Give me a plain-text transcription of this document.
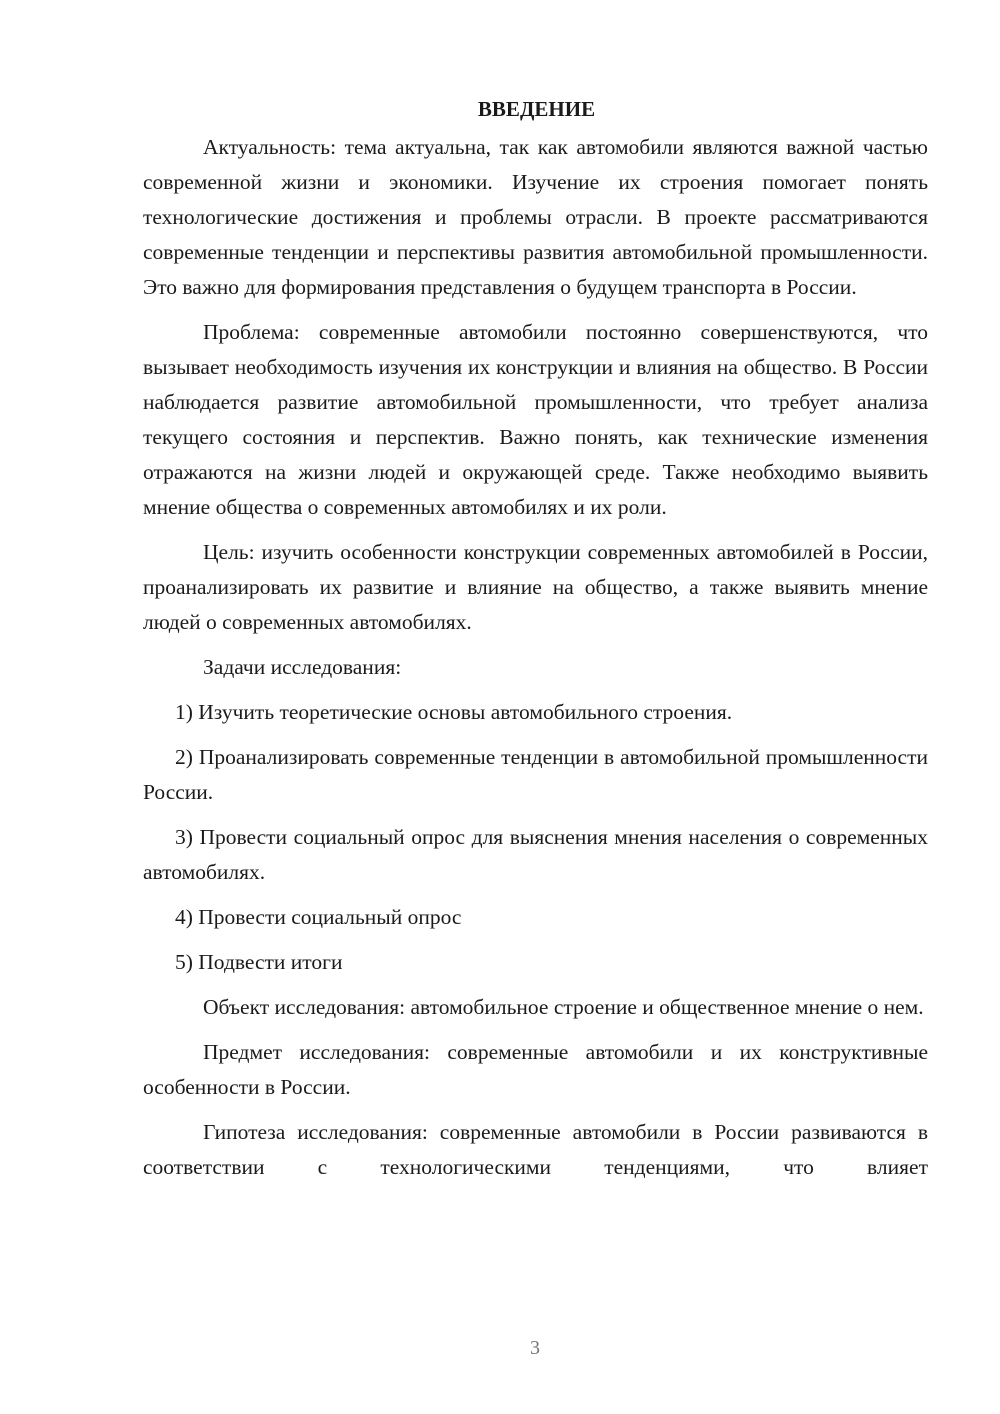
ВВЕДЕНИЕ

Актуальность: тема актуальна, так как автомобили являются важной частью современной жизни и экономики. Изучение их строения помогает понять технологические достижения и проблемы отрасли. В проекте рассматриваются современные тенденции и перспективы развития автомобильной промышленности. Это важно для формирования представления о будущем транспорта в России.

Проблема: современные автомобили постоянно совершенствуются, что вызывает необходимость изучения их конструкции и влияния на общество. В России наблюдается развитие автомобильной промышленности, что требует анализа текущего состояния и перспектив. Важно понять, как технические изменения отражаются на жизни людей и окружающей среде. Также необходимо выявить мнение общества о современных автомобилях и их роли.

Цель: изучить особенности конструкции современных автомобилей в России, проанализировать их развитие и влияние на общество, а также выявить мнение людей о современных автомобилях.

Задачи исследования:

1) Изучить теоретические основы автомобильного строения.

2) Проанализировать современные тенденции в автомобильной промышленности России.

3) Провести социальный опрос для выяснения мнения населения о современных автомобилях.

4) Провести социальный опрос

5) Подвести итоги

Объект исследования: автомобильное строение и общественное мнение о нем.

Предмет исследования: современные автомобили и их конструктивные особенности в России.

Гипотеза исследования: современные автомобили в России развиваются в соответствии с технологическими тенденциями, что влияет

3
